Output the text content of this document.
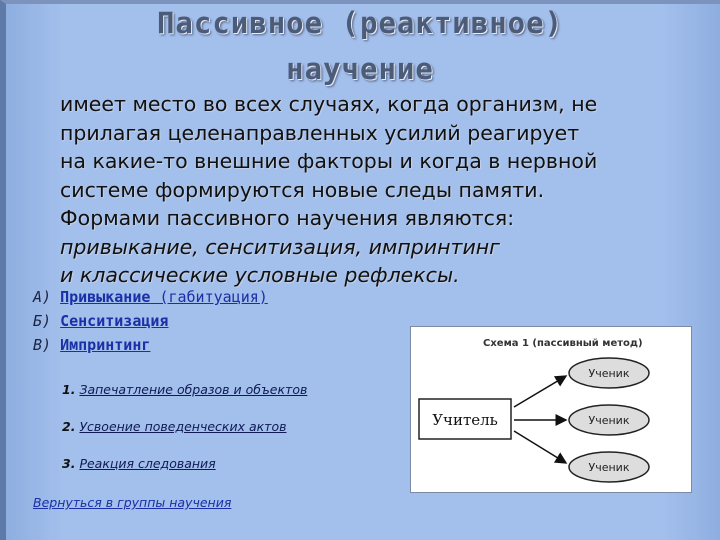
Пассивное (реактивное)
научение
имеет место во всех случаях, когда организм, не
прилагая целенаправленных усилий реагирует
на какие-то внешние факторы и когда в нервной
системе формируются новые следы памяти.
Формами пассивного научения являются:
привыкание, сенситизация, импринтинг
и классические условные рефлексы.
А) Привыкание (габитуация)
Б) Сенситизация
В) Импринтинг
1. Запечатление образов и объектов
2. Усвоение поведенческих актов
3. Реакция следования
Вернуться в группы научения
Схема 1 (пассивный метод)
Учитель
Ученик
Ученик
Ученик
